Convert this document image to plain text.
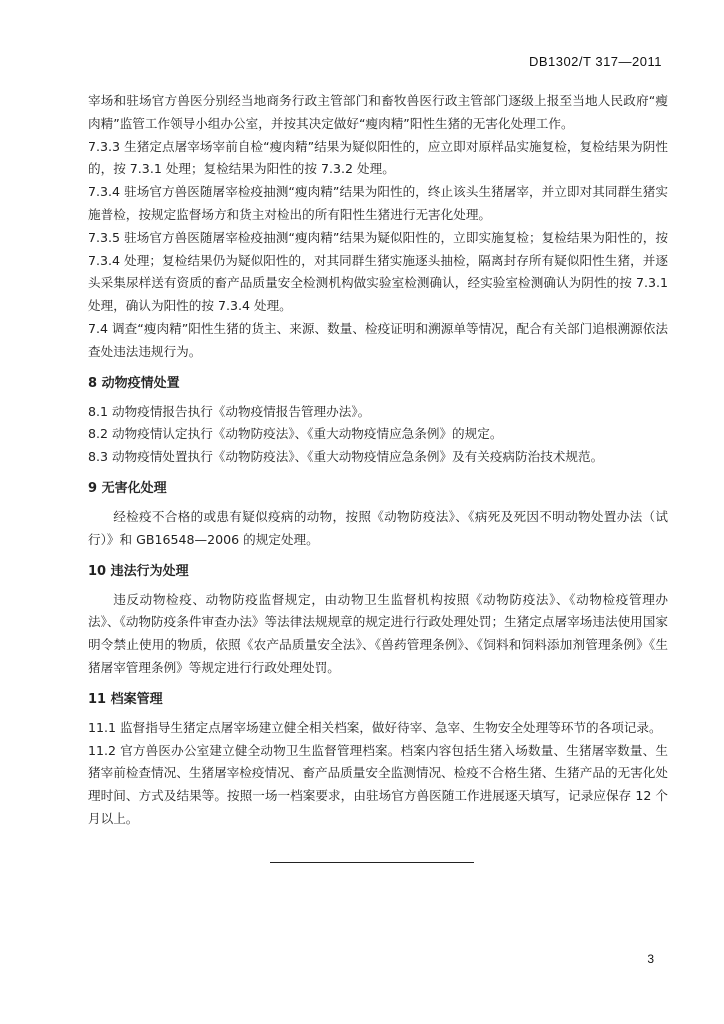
DB1302/T 317—2011

宰场和驻场官方兽医分别经当地商务行政主管部门和畜牧兽医行政主管部门逐级上报至当地人民政府“瘦肉精”监管工作领导小组办公室，并按其决定做好“瘦肉精”阳性生猪的无害化处理工作。

7.3.3 生猪定点屠宰场宰前自检“瘦肉精”结果为疑似阳性的，应立即对原样品实施复检，复检结果为阴性的，按 7.3.1 处理；复检结果为阳性的按 7.3.2 处理。

7.3.4 驻场官方兽医随屠宰检疫抽测“瘦肉精”结果为阳性的，终止该头生猪屠宰，并立即对其同群生猪实施普检，按规定监督场方和货主对检出的所有阳性生猪进行无害化处理。

7.3.5 驻场官方兽医随屠宰检疫抽测“瘦肉精”结果为疑似阳性的，立即实施复检；复检结果为阳性的，按 7.3.4 处理；复检结果仍为疑似阳性的，对其同群生猪实施逐头抽检，隔离封存所有疑似阳性生猪，并逐头采集尿样送有资质的畜产品质量安全检测机构做实验室检测确认，经实验室检测确认为阴性的按 7.3.1 处理，确认为阳性的按 7.3.4 处理。

7.4 调查“瘦肉精”阳性生猪的货主、来源、数量、检疫证明和溯源单等情况，配合有关部门追根溯源依法查处违法违规行为。

8 动物疫情处置

8.1 动物疫情报告执行《动物疫情报告管理办法》。

8.2 动物疫情认定执行《动物防疫法》、《重大动物疫情应急条例》的规定。

8.3 动物疫情处置执行《动物防疫法》、《重大动物疫情应急条例》及有关疫病防治技术规范。

9 无害化处理

经检疫不合格的或患有疑似疫病的动物，按照《动物防疫法》、《病死及死因不明动物处置办法（试行）》和 GB16548—2006 的规定处理。

10 违法行为处理

违反动物检疫、动物防疫监督规定，由动物卫生监督机构按照《动物防疫法》、《动物检疫管理办法》、《动物防疫条件审查办法》等法律法规规章的规定进行行政处理处罚；生猪定点屠宰场违法使用国家明令禁止使用的物质，依照《农产品质量安全法》、《兽药管理条例》、《饲料和饲料添加剂管理条例》《生猪屠宰管理条例》等规定进行行政处理处罚。

11 档案管理

11.1 监督指导生猪定点屠宰场建立健全相关档案，做好待宰、急宰、生物安全处理等环节的各项记录。

11.2 官方兽医办公室建立健全动物卫生监督管理档案。档案内容包括生猪入场数量、生猪屠宰数量、生猪宰前检查情况、生猪屠宰检疫情况、畜产品质量安全监测情况、检疫不合格生猪、生猪产品的无害化处理时间、方式及结果等。按照一场一档案要求，由驻场官方兽医随工作进展逐天填写，记录应保存 12 个月以上。

3
